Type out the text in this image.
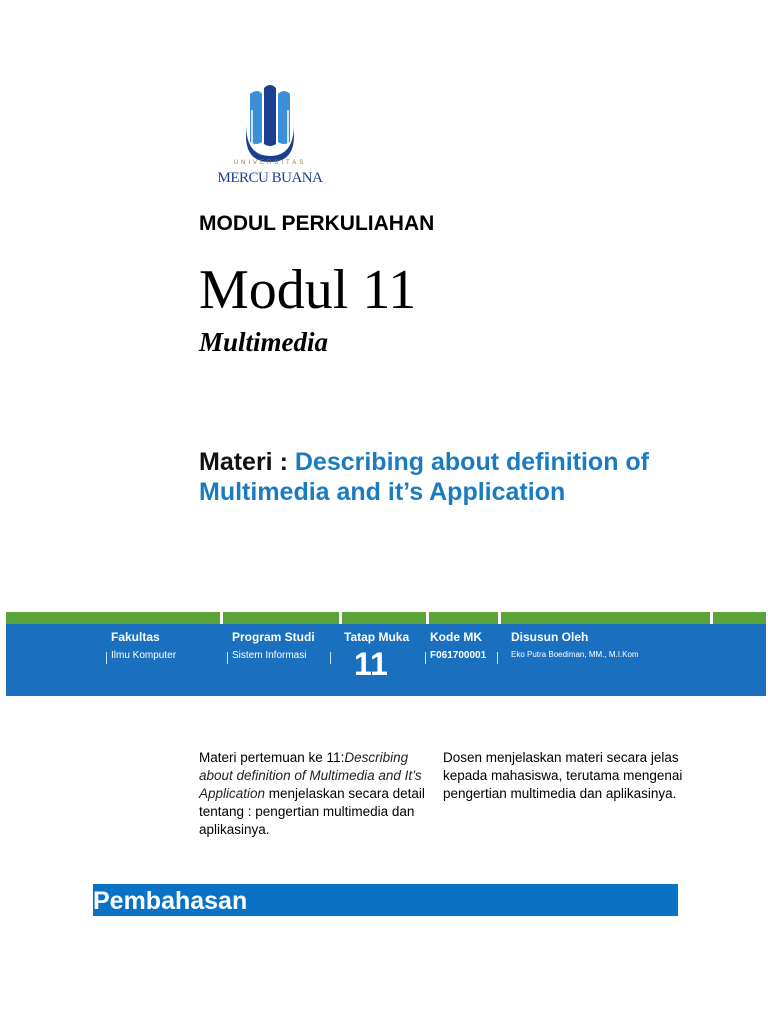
UNIVERSITAS
MERCU BUANA
MODUL PERKULIAHAN
Modul 11
Multimedia
Materi : Describing about definition of Multimedia and it’s Application
Fakultas
Ilmu Komputer
Program Studi
Sistem Informasi
Tatap Muka
11
Kode MK
F061700001
Disusun Oleh
Eko Putra Boediman, MM., M.I.Kom
Materi pertemuan ke 11:Describing about definition of Multimedia and It’s Application menjelaskan secara detail tentang : pengertian multimedia dan aplikasinya.
Dosen menjelaskan materi secara jelas kepada mahasiswa, terutama mengenai pengertian multimedia dan aplikasinya.
Pembahasan
